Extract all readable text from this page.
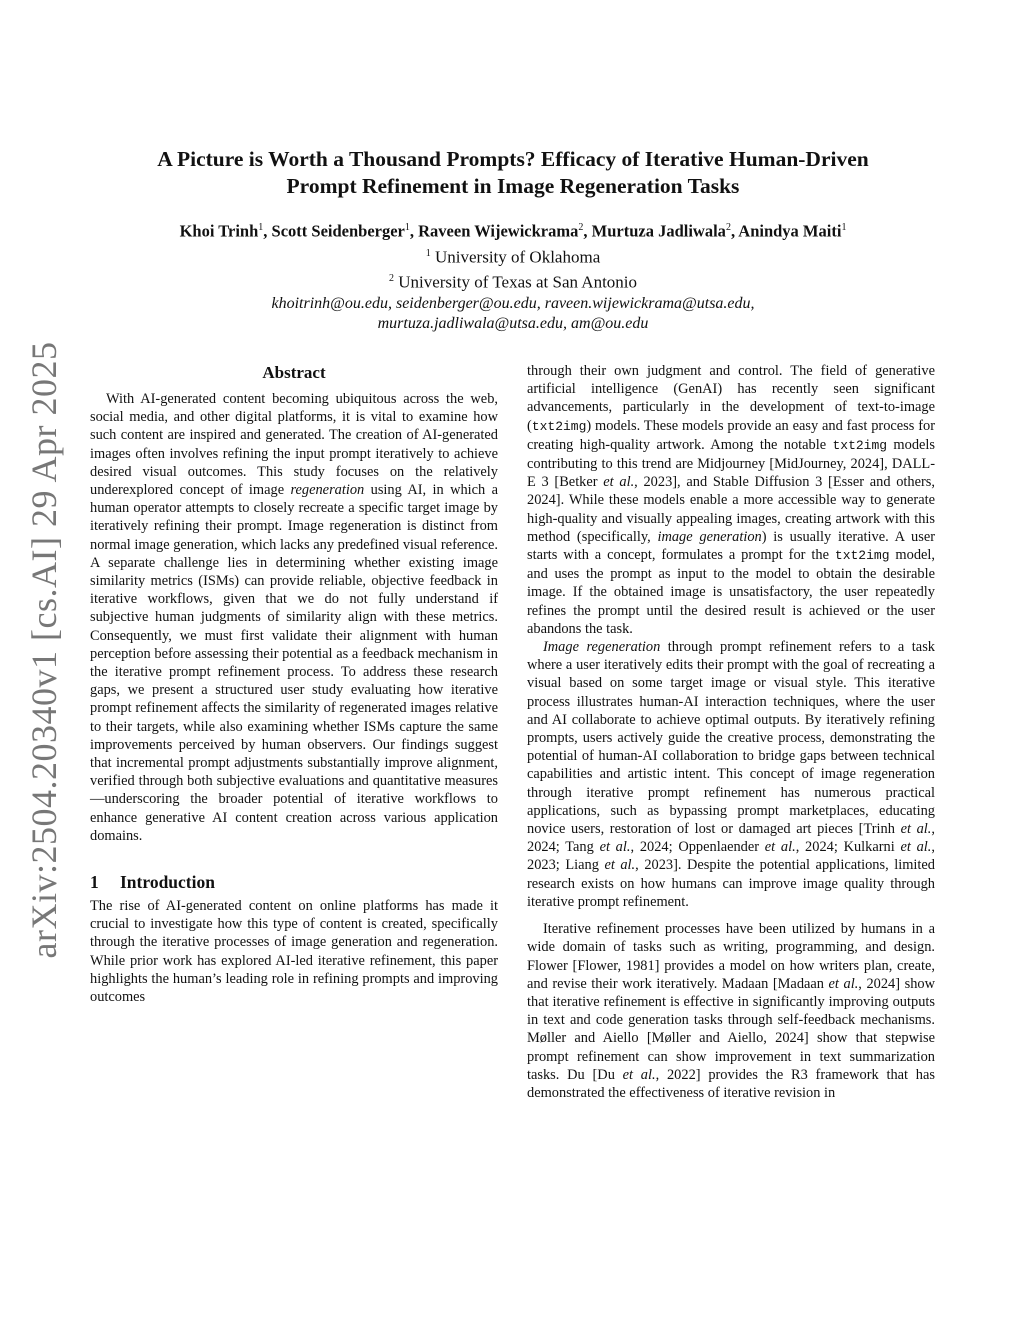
arXiv:2504.20340v1 [cs.AI] 29 Apr 2025
A Picture is Worth a Thousand Prompts? Efficacy of Iterative Human-Driven
Prompt Refinement in Image Regeneration Tasks
Khoi Trinh$^1$, Scott Seidenberger$^1$, Raveen Wijewickrama$^2$, Murtuza Jadliwala$^2$, Anindya Maiti$^1$
$^1$ University of Oklahoma
$^2$ University of Texas at San Antonio
khoitrinh@ou.edu, seidenberger@ou.edu, raveen.wijewickrama@utsa.edu,
murtuza.jadliwala@utsa.edu, am@ou.edu
Abstract

With AI-generated content becoming ubiquitous across the web, social media, and other digital platforms, it is vital to examine how such content are inspired and generated. The creation of AI-generated images often involves refining the input prompt iteratively to achieve desired visual outcomes. This study focuses on the relatively underexplored concept of image regeneration using AI, in which a human operator attempts to closely recreate a specific target image by iteratively refining their prompt. Image regeneration is distinct from normal image generation, which lacks any predefined visual reference. A separate challenge lies in determining whether existing image similarity metrics (ISMs) can provide reliable, objective feedback in iterative workflows, given that we do not fully understand if subjective human judgments of similarity align with these metrics. Consequently, we must first validate their alignment with human perception before assessing their potential as a feedback mechanism in the iterative prompt refinement process. To address these research gaps, we present a structured user study evaluating how iterative prompt refinement affects the similarity of regenerated images relative to their targets, while also examining whether ISMs capture the same improvements perceived by human observers. Our findings suggest that incremental prompt adjustments substantially improve alignment, verified through both subjective evaluations and quantitative measures—underscoring the broader potential of iterative workflows to enhance generative AI content creation across various application domains.

1 Introduction

The rise of AI-generated content on online platforms has made it crucial to investigate how this type of content is created, specifically through the iterative processes of image generation and regeneration. While prior work has explored AI-led iterative refinement, this paper highlights the human’s leading role in refining prompts and improving outcomes

through their own judgment and control. The field of generative artificial intelligence (GenAI) has recently seen significant advancements, particularly in the development of text-to-image (txt2img) models. These models provide an easy and fast process for creating high-quality artwork. Among the notable txt2img models contributing to this trend are Midjourney [MidJourney, 2024], DALL-E 3 [Betker et al., 2023], and Stable Diffusion 3 [Esser and others, 2024]. While these models enable a more accessible way to generate high-quality and visually appealing images, creating artwork with this method (specifically, image generation) is usually iterative. A user starts with a concept, formulates a prompt for the txt2img model, and uses the prompt as input to the model to obtain the desirable image. If the obtained image is unsatisfactory, the user repeatedly refines the prompt until the desired result is achieved or the user abandons the task.

Image regeneration through prompt refinement refers to a task where a user iteratively edits their prompt with the goal of recreating a visual based on some target image or visual style. This iterative process illustrates human-AI interaction techniques, where the user and AI collaborate to achieve optimal outputs. By iteratively refining prompts, users actively guide the creative process, demonstrating the potential of human-AI collaboration to bridge gaps between technical capabilities and artistic intent. This concept of image regeneration through iterative prompt refinement has numerous practical applications, such as bypassing prompt marketplaces, educating novice users, restoration of lost or damaged art pieces [Trinh et al., 2024; Tang et al., 2024; Oppenlaender et al., 2024; Kulkarni et al., 2023; Liang et al., 2023]. Despite the potential applications, limited research exists on how humans can improve image quality through iterative prompt refinement.

Iterative refinement processes have been utilized by humans in a wide domain of tasks such as writing, programming, and design. Flower [Flower, 1981] provides a model on how writers plan, create, and revise their work iteratively. Madaan [Madaan et al., 2024] show that iterative refinement is effective in significantly improving outputs in text and code generation tasks through self-feedback mechanisms. Møller and Aiello [Møller and Aiello, 2024] show that stepwise prompt refinement can show improvement in text summarization tasks. Du [Du et al., 2022] provides the R3 framework that has demonstrated the effectiveness of iterative revision in
